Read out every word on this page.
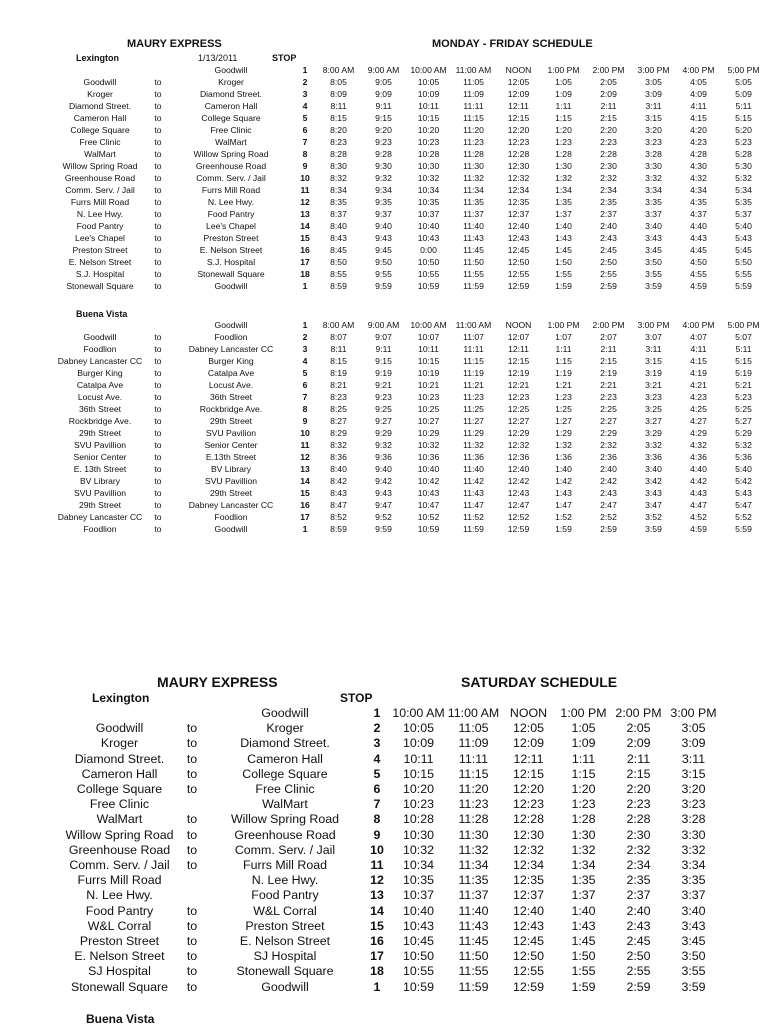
MAURY EXPRESS	MONDAY - FRIDAY SCHEDULE
Lexington	1/13/2011	STOP
		Goodwill	1	8:00 AM	9:00 AM	10:00 AM	11:00 AM	NOON	1:00 PM	2:00 PM	3:00 PM	4:00 PM	5:00 PM
Goodwill	to	Kroger	2	8:05	9:05	10:05	11:05	12:05	1:05	2:05	3:05	4:05	5:05
Kroger	to	Diamond Street.	3	8:09	9:09	10:09	11:09	12:09	1:09	2:09	3:09	4:09	5:09
Diamond Street.	to	Cameron Hall	4	8:11	9:11	10:11	11:11	12:11	1:11	2:11	3:11	4:11	5:11
Cameron Hall	to	College Square	5	8:15	9:15	10:15	11:15	12:15	1:15	2:15	3:15	4:15	5:15
College Square	to	Free Clinic	6	8:20	9:20	10:20	11:20	12:20	1:20	2:20	3:20	4:20	5:20
Free Clinic	to	WalMart	7	8:23	9:23	10:23	11:23	12:23	1:23	2:23	3:23	4:23	5:23
WalMart	to	Willow Spring Road	8	8:28	9:28	10:28	11:28	12:28	1:28	2:28	3:28	4:28	5:28
Willow Spring Road	to	Greenhouse Road	9	8:30	9:30	10:30	11:30	12:30	1:30	2:30	3:30	4:30	5:30
Greenhouse Road	to	Comm. Serv. / Jail	10	8:32	9:32	10:32	11:32	12:32	1:32	2:32	3:32	4:32	5:32
Comm. Serv. / Jail	to	Furrs Mill Road	11	8:34	9:34	10:34	11:34	12:34	1:34	2:34	3:34	4:34	5:34
Furrs Mill Road	to	N. Lee Hwy.	12	8:35	9:35	10:35	11:35	12:35	1:35	2:35	3:35	4:35	5:35
N. Lee Hwy.	to	Food Pantry	13	8:37	9:37	10:37	11:37	12:37	1:37	2:37	3:37	4:37	5:37
Food Pantry	to	Lee's Chapel	14	8:40	9:40	10:40	11:40	12:40	1:40	2:40	3:40	4:40	5:40
Lee's Chapel	to	Preston Street	15	8:43	9:43	10:43	11:43	12:43	1:43	2:43	3:43	4:43	5:43
Preston Street	to	E. Nelson Street	16	8:45	9:45	0:00	11:45	12:45	1:45	2:45	3:45	4:45	5:45
E. Nelson Street	to	S.J. Hospital	17	8:50	9:50	10:50	11:50	12:50	1:50	2:50	3:50	4:50	5:50
S.J. Hospital	to	Stonewall Square	18	8:55	9:55	10:55	11:55	12:55	1:55	2:55	3:55	4:55	5:55
Stonewall Square	to	Goodwill	1	8:59	9:59	10:59	11:59	12:59	1:59	2:59	3:59	4:59	5:59
Buena Vista
		Goodwill	1	8:00 AM	9:00 AM	10:00 AM	11:00 AM	NOON	1:00 PM	2:00 PM	3:00 PM	4:00 PM	5:00 PM
Goodwill	to	Foodlion	2	8:07	9:07	10:07	11:07	12:07	1:07	2:07	3:07	4:07	5:07
Foodlion	to	Dabney Lancaster CC	3	8:11	9:11	10:11	11:11	12:11	1:11	2:11	3:11	4:11	5:11
Dabney Lancaster CC	to	Burger King	4	8:15	9:15	10:15	11:15	12:15	1:15	2:15	3:15	4:15	5:15
Burger King	to	Catalpa Ave	5	8:19	9:19	10:19	11:19	12:19	1:19	2:19	3:19	4:19	5:19
Catalpa Ave	to	Locust Ave.	6	8:21	9:21	10:21	11:21	12:21	1:21	2:21	3:21	4:21	5:21
Locust Ave.	to	36th Street	7	8:23	9:23	10:23	11:23	12:23	1:23	2:23	3:23	4:23	5:23
36th Street	to	Rockbridge Ave.	8	8:25	9:25	10:25	11:25	12:25	1:25	2:25	3:25	4:25	5:25
Rockbridge Ave.	to	29th Street	9	8:27	9:27	10:27	11:27	12:27	1:27	2:27	3:27	4:27	5:27
29th Street	to	SVU Pavilion	10	8:29	9:29	10:29	11:29	12:29	1:29	2:29	3:29	4:29	5:29
SVU Pavillion	to	Senior Center	11	8:32	9:32	10:32	11:32	12:32	1:32	2:32	3:32	4:32	5:32
Senior Center	to	E.13th Street	12	8:36	9:36	10:36	11:36	12:36	1:36	2:36	3:36	4:36	5:36
E. 13th Street	to	BV Library	13	8:40	9:40	10:40	11:40	12:40	1:40	2:40	3:40	4:40	5:40
BV Library	to	SVU Pavillion	14	8:42	9:42	10:42	11:42	12:42	1:42	2:42	3:42	4:42	5:42
SVU Pavillion	to	29th Street	15	8:43	9:43	10:43	11:43	12:43	1:43	2:43	3:43	4:43	5:43
29th Street	to	Dabney Lancaster CC	16	8:47	9:47	10:47	11:47	12:47	1:47	2:47	3:47	4:47	5:47
Dabney Lancaster CC	to	Foodlion	17	8:52	9:52	10:52	11:52	12:52	1:52	2:52	3:52	4:52	5:52
Foodlion	to	Goodwill	1	8:59	9:59	10:59	11:59	12:59	1:59	2:59	3:59	4:59	5:59
MAURY EXPRESS	SATURDAY SCHEDULE
Lexington	STOP
		Goodwill	1	10:00 AM	11:00 AM	NOON	1:00 PM	2:00 PM	3:00 PM
Goodwill	to	Kroger	2	10:05	11:05	12:05	1:05	2:05	3:05
Kroger	to	Diamond Street.	3	10:09	11:09	12:09	1:09	2:09	3:09
Diamond Street.	to	Cameron Hall	4	10:11	11:11	12:11	1:11	2:11	3:11
Cameron Hall	to	College Square	5	10:15	11:15	12:15	1:15	2:15	3:15
College Square	to	Free Clinic	6	10:20	11:20	12:20	1:20	2:20	3:20
Free Clinic		WalMart	7	10:23	11:23	12:23	1:23	2:23	3:23
WalMart	to	Willow Spring Road	8	10:28	11:28	12:28	1:28	2:28	3:28
Willow Spring Road	to	Greenhouse Road	9	10:30	11:30	12:30	1:30	2:30	3:30
Greenhouse Road	to	Comm. Serv. / Jail	10	10:32	11:32	12:32	1:32	2:32	3:32
Comm. Serv. / Jail	to	Furrs Mill Road	11	10:34	11:34	12:34	1:34	2:34	3:34
Furrs Mill Road		N. Lee Hwy.	12	10:35	11:35	12:35	1:35	2:35	3:35
N. Lee Hwy.		Food Pantry	13	10:37	11:37	12:37	1:37	2:37	3:37
Food Pantry	to	W&L Corral	14	10:40	11:40	12:40	1:40	2:40	3:40
W&L Corral	to	Preston Street	15	10:43	11:43	12:43	1:43	2:43	3:43
Preston Street	to	E. Nelson Street	16	10:45	11:45	12:45	1:45	2:45	3:45
E. Nelson Street	to	SJ Hospital	17	10:50	11:50	12:50	1:50	2:50	3:50
SJ Hospital	to	Stonewall Square	18	10:55	11:55	12:55	1:55	2:55	3:55
Stonewall Square	to	Goodwill	1	10:59	11:59	12:59	1:59	2:59	3:59
Buena Vista
